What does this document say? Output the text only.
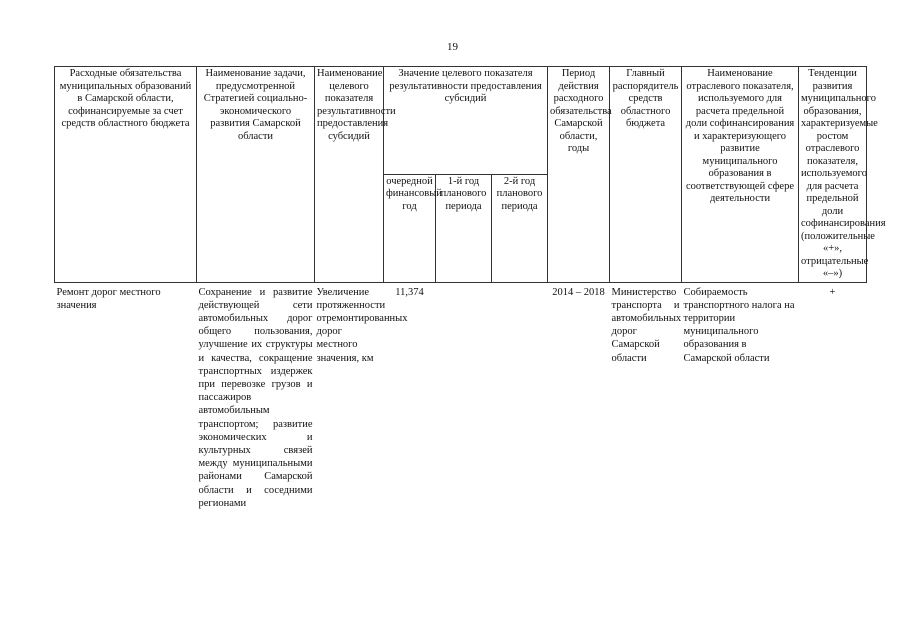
19
Расходные обязательства муниципальных образований в Самарской области, софинансируемые за счет средств областного бюджета	Наименование задачи, предусмотренной Стратегией социально-экономического развития Самарской области	Наименование целевого показателя результативности предоставления субсидий	Значение целевого показателя результативности предоставления субсидий			Период действия расходного обязательства Самарской области, годы	Главный распорядитель средств областного бюджета	Наименование отраслевого показателя, используемого для расчета предельной доли софинансирования и характеризующего развитие муниципального образования в соответствующей сфере деятельности	Тенденции развития муниципального образования, характеризуемые ростом отраслевого показателя, используемого для расчета предельной доли софинансирования (положительные «+», отрицательные «–»)
			очередной финансовый год	1-й год планового периода	2-й год планового периода				
Ремонт дорог местного значения	Сохранение и развитие действующей сети автомобильных дорог общего пользования, улучшение их структуры и качества, сокращение транспортных издержек при перевозке грузов и пассажиров автомобильным транспортом; развитие экономических и культурных связей между муниципальными районами Самарской области и соседними регионами	Увеличение протяженности отремонтированных дорог местного значения, км	11,374			2014 – 2018	Министерство транспорта и автомобильных дорог Самарской области	Собираемость транспортного налога на территории муниципального образования в Самарской области	+
